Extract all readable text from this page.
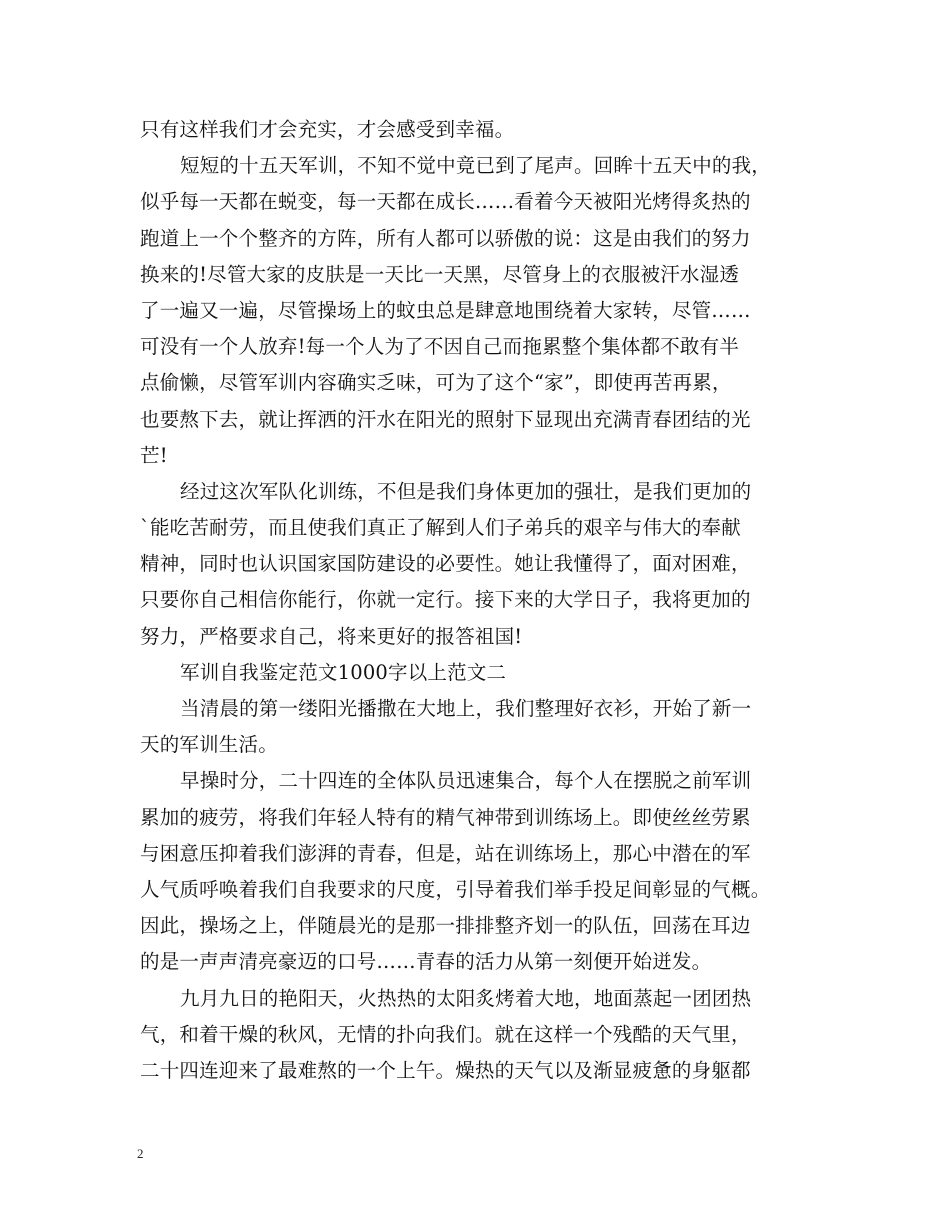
只有这样我们才会充实，才会感受到幸福。
短短的十五天军训，不知不觉中竟已到了尾声。回眸十五天中的我，
似乎每一天都在蜕变，每一天都在成长……看着今天被阳光烤得炙热的
跑道上一个个整齐的方阵，所有人都可以骄傲的说：这是由我们的努力
换来的!尽管大家的皮肤是一天比一天黑，尽管身上的衣服被汗水湿透
了一遍又一遍，尽管操场上的蚊虫总是肆意地围绕着大家转，尽管……
可没有一个人放弃!每一个人为了不因自己而拖累整个集体都不敢有半
点偷懒，尽管军训内容确实乏味，可为了这个“家”，即使再苦再累，
也要熬下去，就让挥洒的汗水在阳光的照射下显现出充满青春团结的光
芒!
经过这次军队化训练，不但是我们身体更加的强壮，是我们更加的
`能吃苦耐劳，而且使我们真正了解到人们子弟兵的艰辛与伟大的奉献
精神，同时也认识国家国防建设的必要性。她让我懂得了，面对困难，
只要你自己相信你能行，你就一定行。接下来的大学日子，我将更加的
努力，严格要求自己，将来更好的报答祖国!
军训自我鉴定范文1000字以上范文二
当清晨的第一缕阳光播撒在大地上，我们整理好衣衫，开始了新一
天的军训生活。
早操时分，二十四连的全体队员迅速集合，每个人在摆脱之前军训
累加的疲劳，将我们年轻人特有的精气神带到训练场上。即使丝丝劳累
与困意压抑着我们澎湃的青春，但是，站在训练场上，那心中潜在的军
人气质呼唤着我们自我要求的尺度，引导着我们举手投足间彰显的气概。
因此，操场之上，伴随晨光的是那一排排整齐划一的队伍，回荡在耳边
的是一声声清亮豪迈的口号……青春的活力从第一刻便开始迸发。
九月九日的艳阳天，火热热的太阳炙烤着大地，地面蒸起一团团热
气，和着干燥的秋风，无情的扑向我们。就在这样一个残酷的天气里，
二十四连迎来了最难熬的一个上午。燥热的天气以及渐显疲惫的身躯都
2
